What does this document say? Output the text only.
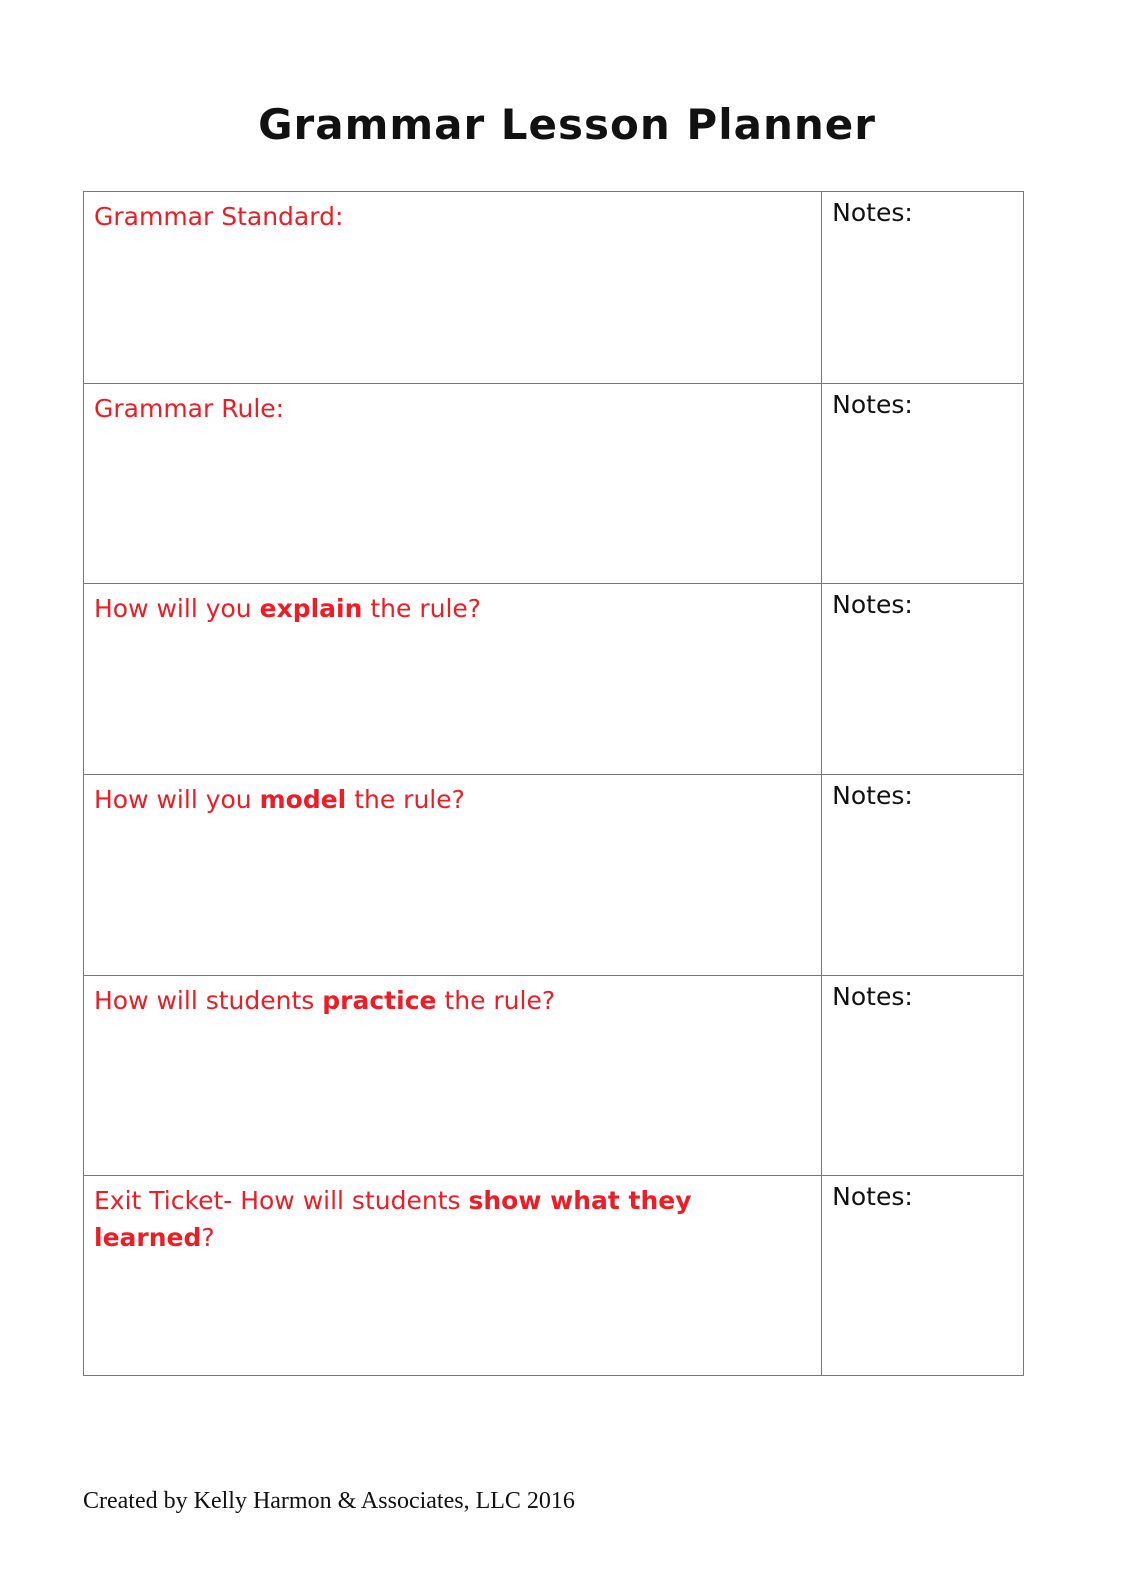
Grammar Lesson Planner
Grammar Standard:	Notes:
Grammar Rule:	Notes:
How will you explain the rule?	Notes:
How will you model the rule?	Notes:
How will students practice the rule?	Notes:
Exit Ticket- How will students show what they learned?	Notes:
Created by Kelly Harmon & Associates, LLC 2016
